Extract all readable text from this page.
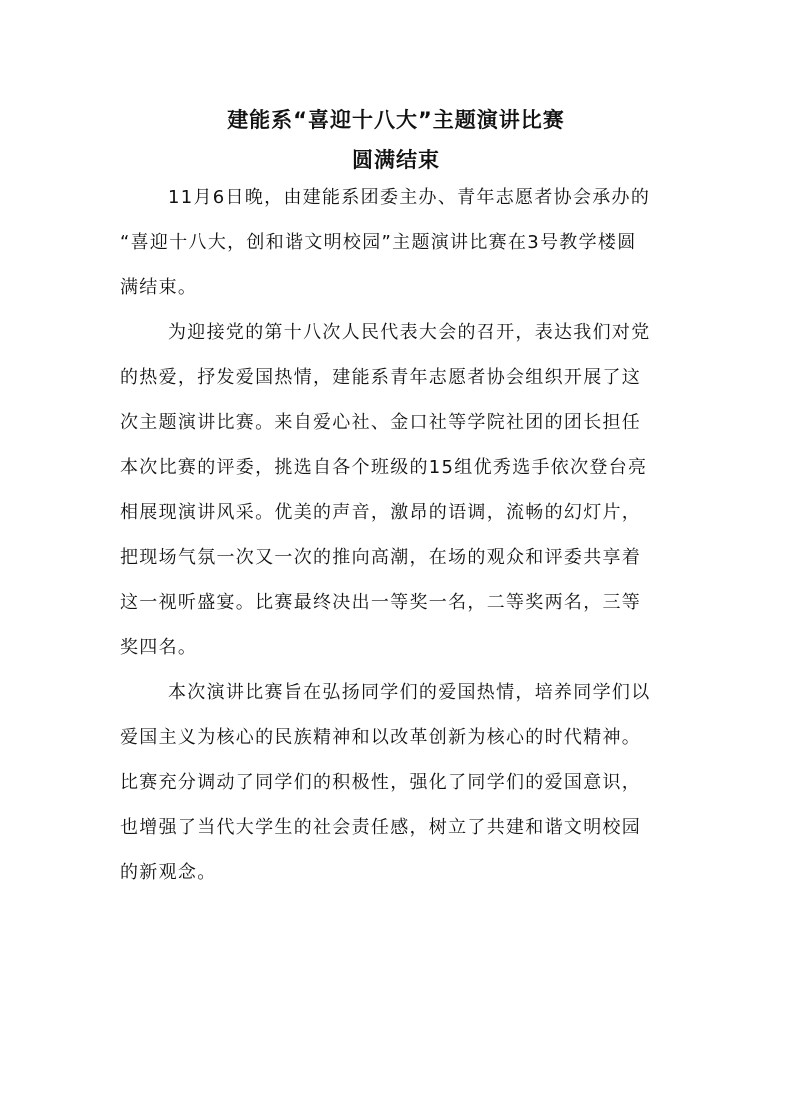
建能系“喜迎十八大”主题演讲比赛
圆满结束
11月6日晚，由建能系团委主办、青年志愿者协会承办的
“喜迎十八大，创和谐文明校园”主题演讲比赛在3号教学楼圆
满结束。
为迎接党的第十八次人民代表大会的召开，表达我们对党
的热爱，抒发爱国热情，建能系青年志愿者协会组织开展了这
次主题演讲比赛。来自爱心社、金口社等学院社团的团长担任
本次比赛的评委，挑选自各个班级的15组优秀选手依次登台亮
相展现演讲风采。优美的声音，激昂的语调，流畅的幻灯片，
把现场气氛一次又一次的推向高潮，在场的观众和评委共享着
这一视听盛宴。比赛最终决出一等奖一名，二等奖两名，三等
奖四名。
本次演讲比赛旨在弘扬同学们的爱国热情，培养同学们以
爱国主义为核心的民族精神和以改革创新为核心的时代精神。
比赛充分调动了同学们的积极性，强化了同学们的爱国意识，
也增强了当代大学生的社会责任感，树立了共建和谐文明校园
的新观念。
